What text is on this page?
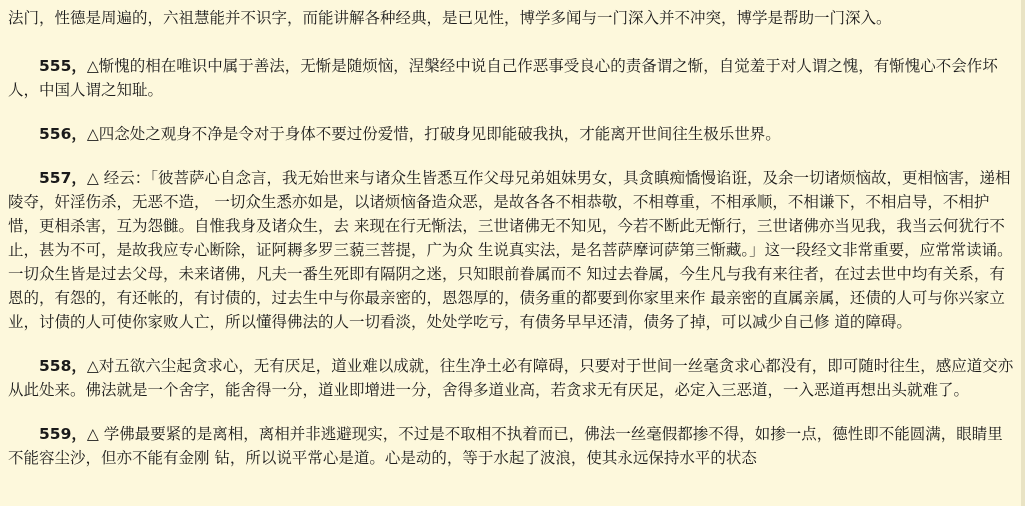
法门，性德是周遍的，六祖慧能并不识字，而能讲解各种经典，是已见性，博学多闻与一门深入并不冲突，博学是帮助一门深入。

555，△惭愧的相在唯识中属于善法，无惭是随烦恼，涅槃经中说自己作恶事受良心的责备谓之惭，自觉羞于对人谓之愧，有惭愧心不会作坏人，中国人谓之知耻。

556，△四念处之观身不净是令对于身体不要过份爱惜，打破身见即能破我执，才能离开世间往生极乐世界。

557，△ 经云：「彼菩萨心自念言，我无始世来与诸众生皆悉互作父母兄弟姐妹男女，具贪瞋痴憍慢谄诳，及余一切诸烦恼故，更相恼害，递相陵夺，奸淫伤杀，无恶不造， 一切众生悉亦如是，以诸烦恼备造众恶，是故各各不相恭敬，不相尊重，不相承顺，不相谦下，不相启导，不相护惜，更相杀害，互为怨雠。自惟我身及诸众生，去 来现在行无惭法，三世诸佛无不知见，今若不断此无惭行，三世诸佛亦当见我，我当云何犹行不止，甚为不可，是故我应专心断除，证阿耨多罗三藐三菩提，广为众 生说真实法，是名菩萨摩诃萨第三惭藏。」这一段经文非常重要，应常常读诵。一切众生皆是过去父母，未来诸佛，凡夫一番生死即有隔阴之迷，只知眼前眷属而不 知过去眷属，今生凡与我有来往者，在过去世中均有关系，有恩的，有怨的，有还帐的，有讨债的，过去生中与你最亲密的，恩怨厚的，债务重的都要到你家里来作 最亲密的直属亲属，还债的人可与你兴家立业，讨债的人可使你家败人亡，所以懂得佛法的人一切看淡，处处学吃亏，有债务早早还清，债务了掉，可以减少自己修 道的障碍。

558，△对五欲六尘起贪求心，无有厌足，道业难以成就，往生净土必有障碍，只要对于世间一丝毫贪求心都没有，即可随时往生，感应道交亦从此处来。佛法就是一个舍字，能舍得一分，道业即增进一分，舍得多道业高，若贪求无有厌足，必定入三恶道，一入恶道再想出头就难了。

559，△ 学佛最要紧的是离相，离相并非逃避现实，不过是不取相不执着而已，佛法一丝毫假都掺不得，如掺一点，德性即不能圆满，眼睛里不能容尘沙，但亦不能有金刚 钻，所以说平常心是道。心是动的，等于水起了波浪，使其永远保持水平的状态
